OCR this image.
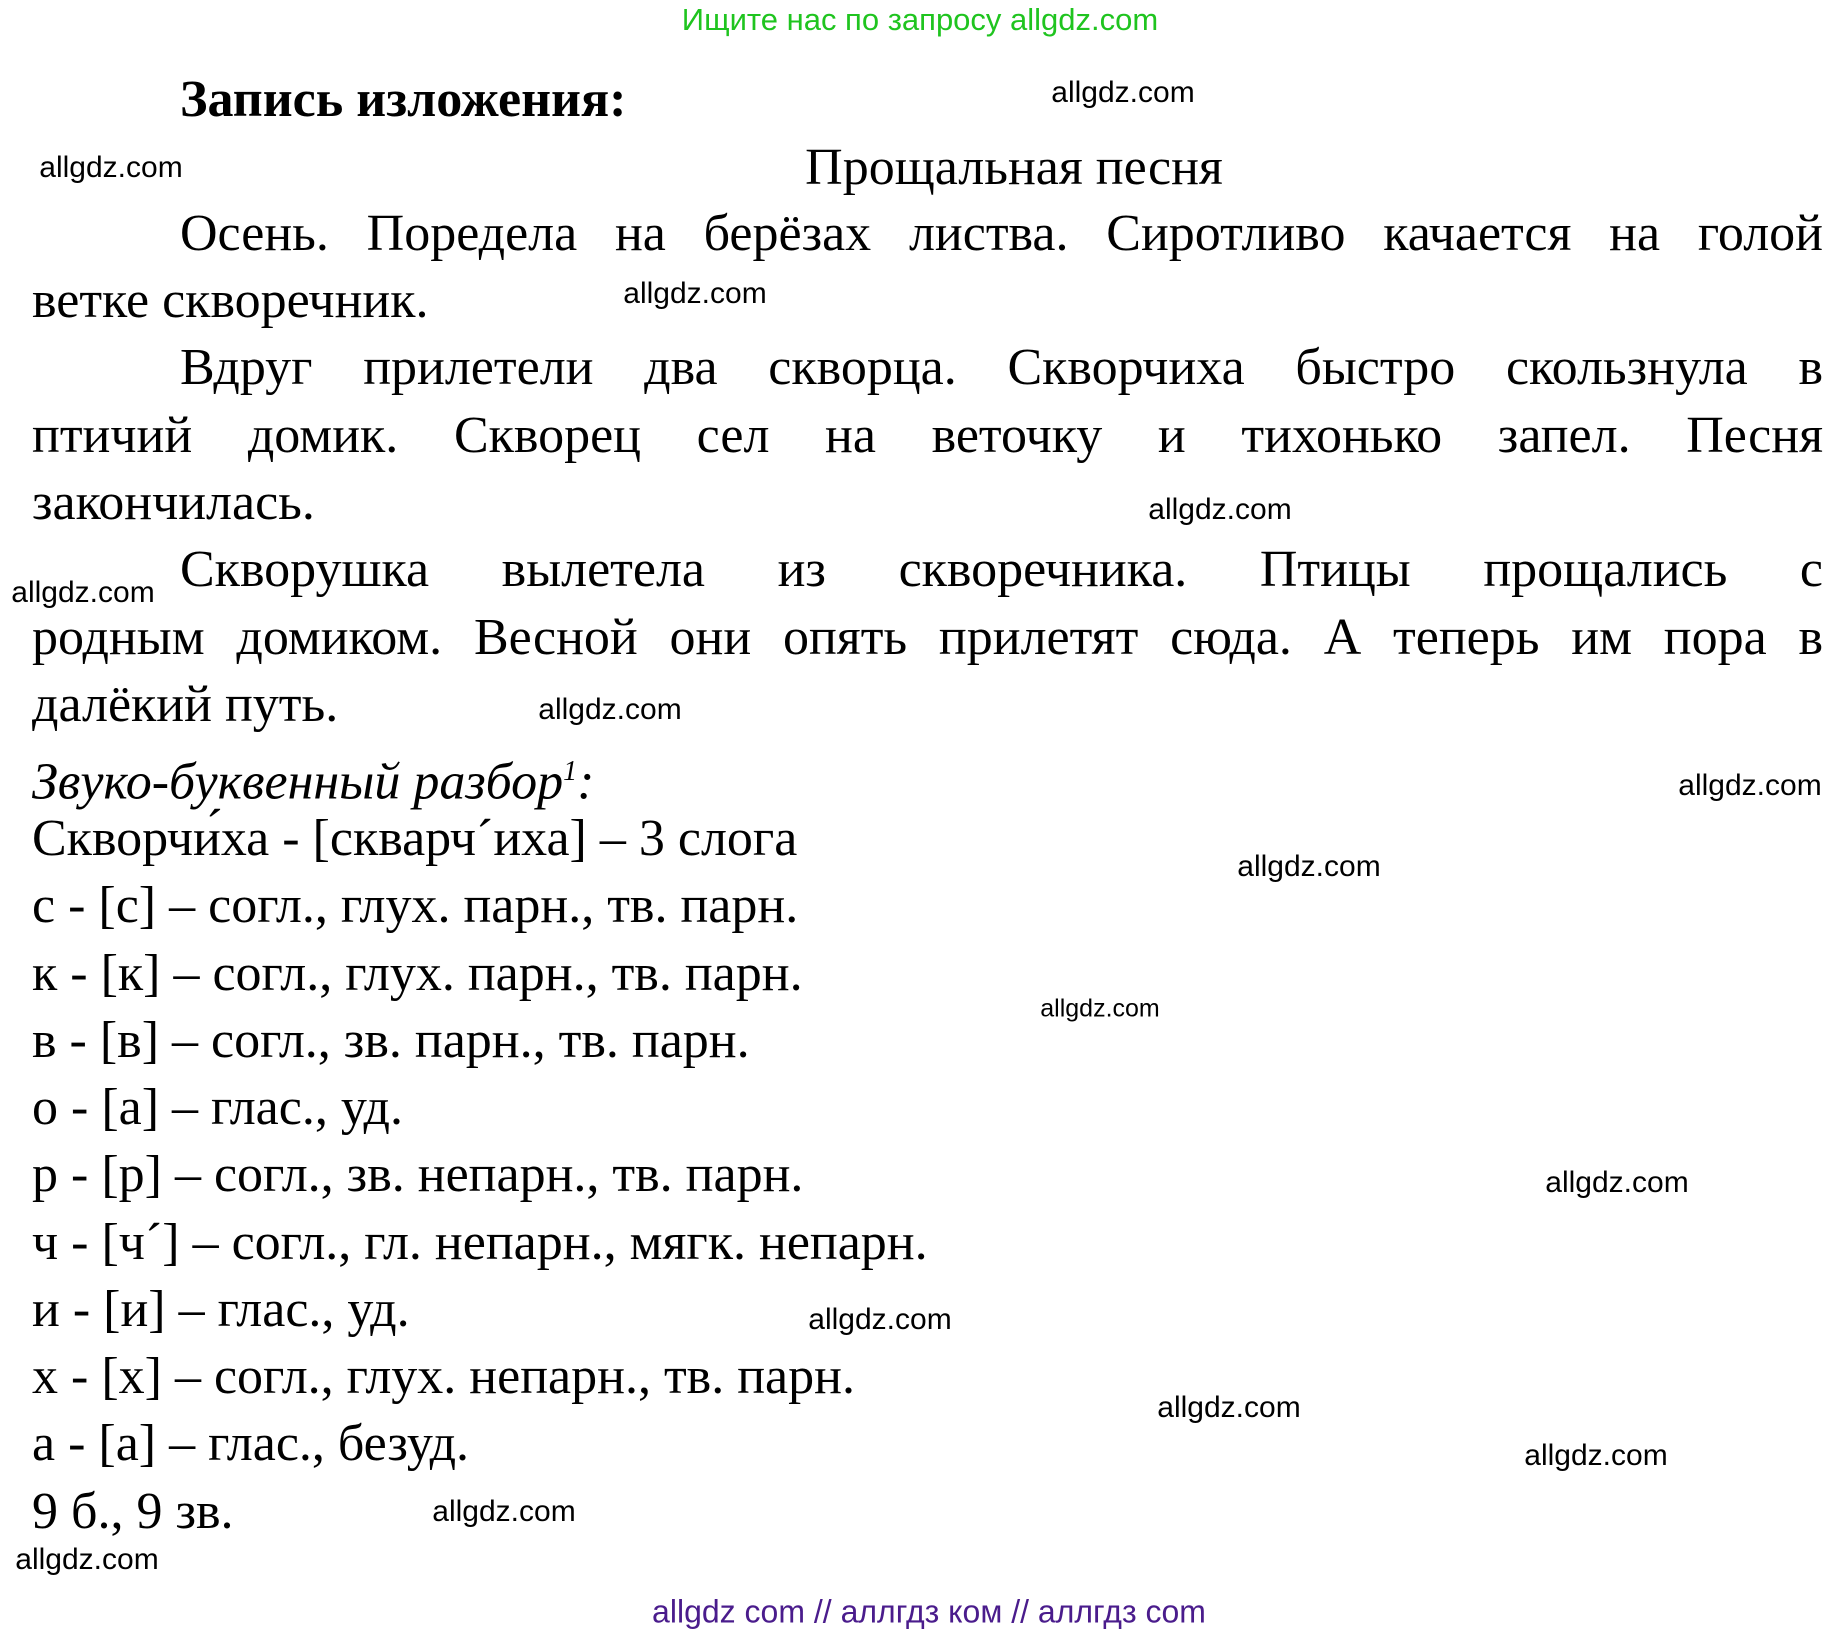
Ищите нас по запросу allgdz.com
Запись изложения:
Прощальная песня
Осень. Поредела на берёзах листва. Сиротливо качается на голой
ветке скворечник.
Вдруг прилетели два скворца. Скворчиха быстро скользнула в
птичий домик. Скворец сел на веточку и тихонько запел. Песня
закончилась.
Скворушка вылетела из скворечника. Птицы прощались с
родным домиком. Весной они опять прилетят сюда. А теперь им пора в
далёкий путь.
Звуко-буквенный разбор$^1$:
Скворчи́ха - [скварч´иха] – 3 слога
с - [с] – согл., глух. парн., тв. парн.
к - [к] – согл., глух. парн., тв. парн.
в - [в] – согл., зв. парн., тв. парн.
о - [а] – глас., уд.
р - [р] – согл., зв. непарн., тв. парн.
ч - [ч´] – согл., гл. непарн., мягк. непарн.
и - [и] – глас., уд.
х - [х] – согл., глух. непарн., тв. парн.
а - [а] – глас., безуд.
9 б., 9 зв.
allgdz.com
allgdz.com
allgdz.com
allgdz.com
allgdz.com
allgdz.com
allgdz.com
allgdz.com
allgdz.com
allgdz.com
allgdz.com
allgdz.com
allgdz.com
allgdz.com
allgdz.com
allgdz com // аллгдз ком // аллгдз com
